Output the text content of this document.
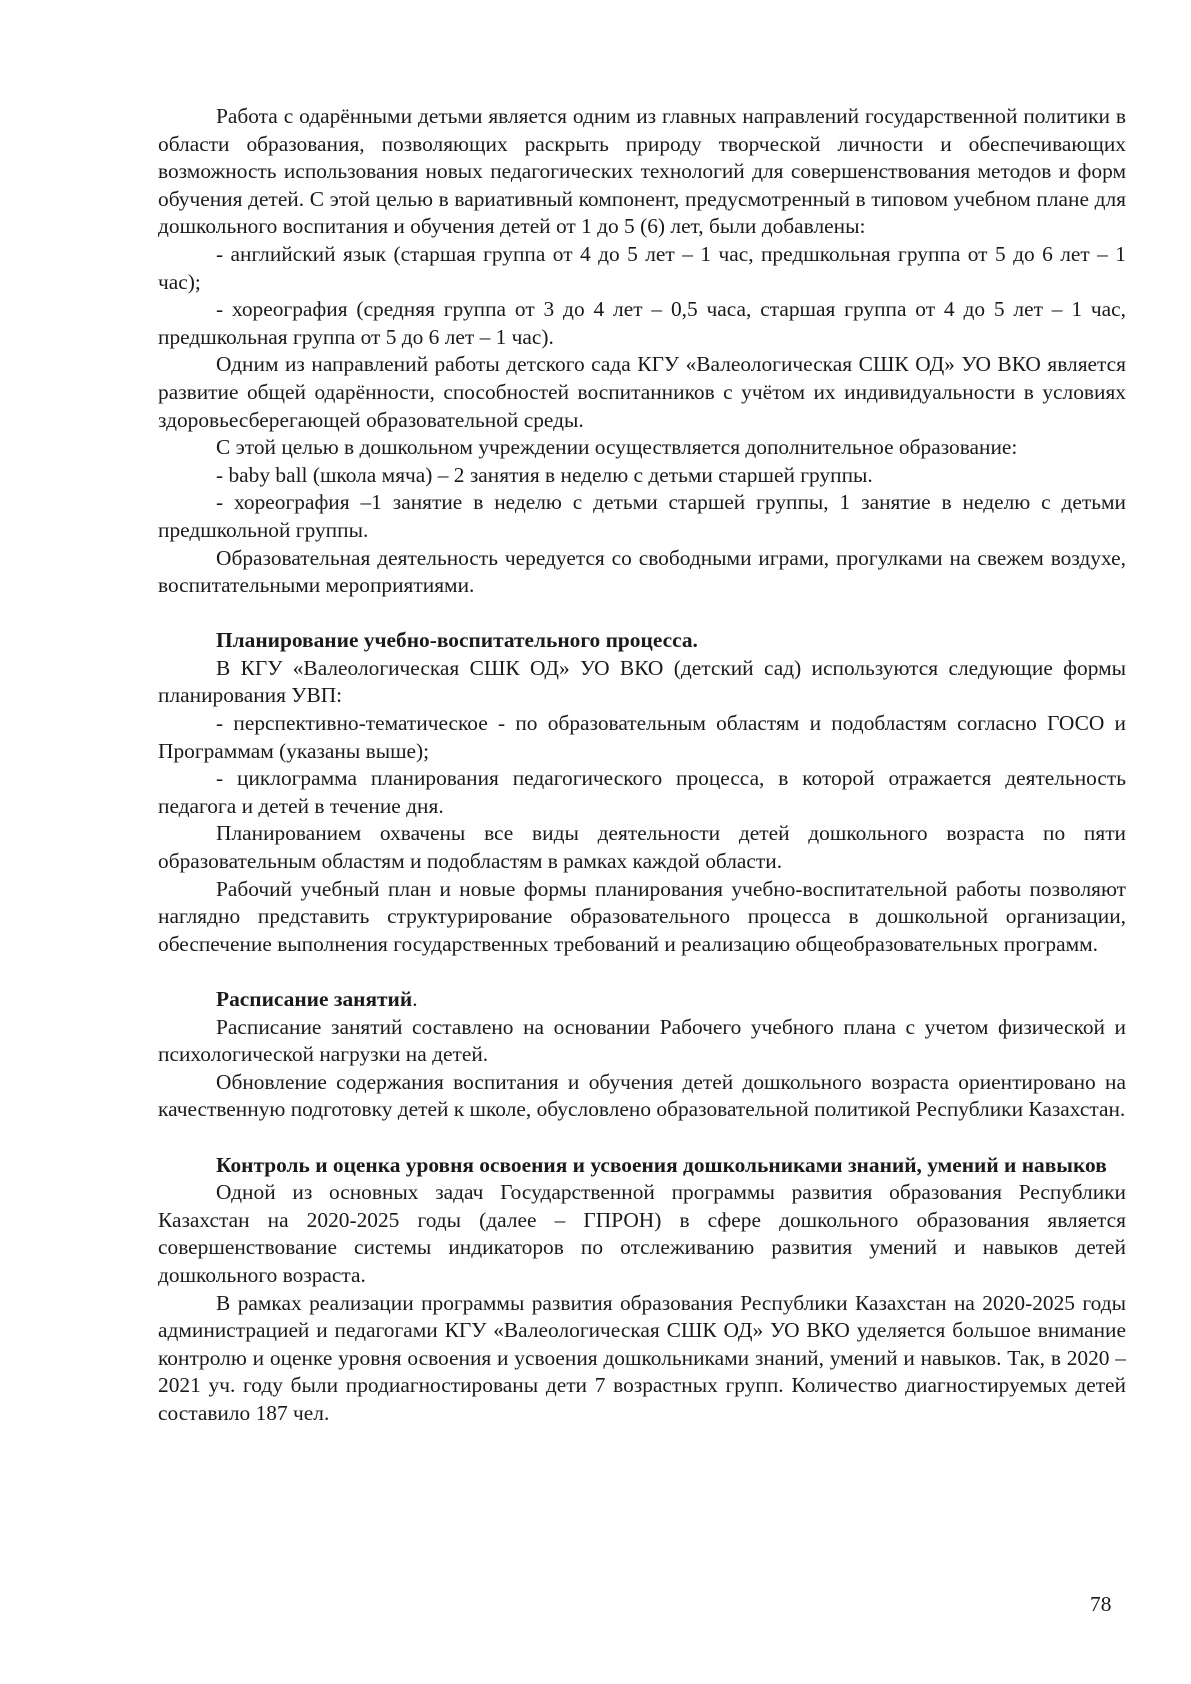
Работа с одарёнными детьми является одним из главных направлений государственной политики в области образования, позволяющих раскрыть природу творческой личности и обеспечивающих возможность использования новых педагогических технологий для совершенствования методов и форм обучения детей. С этой целью в вариативный компонент, предусмотренный в типовом учебном плане для дошкольного воспитания и обучения детей от 1 до 5 (6) лет, были добавлены:

- английский язык (старшая группа от 4 до 5 лет – 1 час, предшкольная группа от 5 до 6 лет – 1 час);

- хореография (средняя группа от 3 до 4 лет – 0,5 часа, старшая группа от 4 до 5 лет – 1 час, предшкольная группа от 5 до 6 лет – 1 час).

Одним из направлений работы детского сада КГУ «Валеологическая СШК ОД» УО ВКО является развитие общей одарённости, способностей воспитанников с учётом их индивидуальности в условиях здоровьесберегающей образовательной среды.

С этой целью в дошкольном учреждении осуществляется дополнительное образование:

- baby ball (школа мяча) – 2 занятия в неделю с детьми старшей группы.

- хореография –1 занятие в неделю с детьми старшей группы, 1 занятие в неделю с детьми предшкольной группы.

Образовательная деятельность чередуется со свободными играми, прогулками на свежем воздухе, воспитательными мероприятиями.

Планирование учебно-воспитательного процесса.

В КГУ «Валеологическая СШК ОД» УО ВКО (детский сад) используются следующие формы планирования УВП:

- перспективно-тематическое - по образовательным областям и подобластям согласно ГОСО и Программам (указаны выше);

- циклограмма планирования педагогического процесса, в которой отражается деятельность педагога и детей в течение дня.

Планированием охвачены все виды деятельности детей дошкольного возраста по пяти образовательным областям и подобластям в рамках каждой области.

Рабочий учебный план и новые формы планирования учебно-воспитательной работы позволяют наглядно представить структурирование образовательного процесса в дошкольной организации, обеспечение выполнения государственных требований и реализацию общеобразовательных программ.

Расписание занятий.

Расписание занятий составлено на основании Рабочего учебного плана с учетом физической и психологической нагрузки на детей.

Обновление содержания воспитания и обучения детей дошкольного возраста ориентировано на качественную подготовку детей к школе, обусловлено образовательной политикой Республики Казахстан.

Контроль и оценка уровня освоения и усвоения дошкольниками знаний, умений и навыков

Одной из основных задач Государственной программы развития образования Республики Казахстан на 2020-2025 годы (далее – ГПРОН) в сфере дошкольного образования является совершенствование системы индикаторов по отслеживанию развития умений и навыков детей дошкольного возраста.

В рамках реализации программы развития образования Республики Казахстан на 2020-2025 годы администрацией и педагогами КГУ «Валеологическая СШК ОД» УО ВКО уделяется большое внимание контролю и оценке уровня освоения и усвоения дошкольниками знаний, умений и навыков. Так, в 2020 – 2021 уч. году были продиагностированы дети 7 возрастных групп. Количество диагностируемых детей составило 187 чел.

78
